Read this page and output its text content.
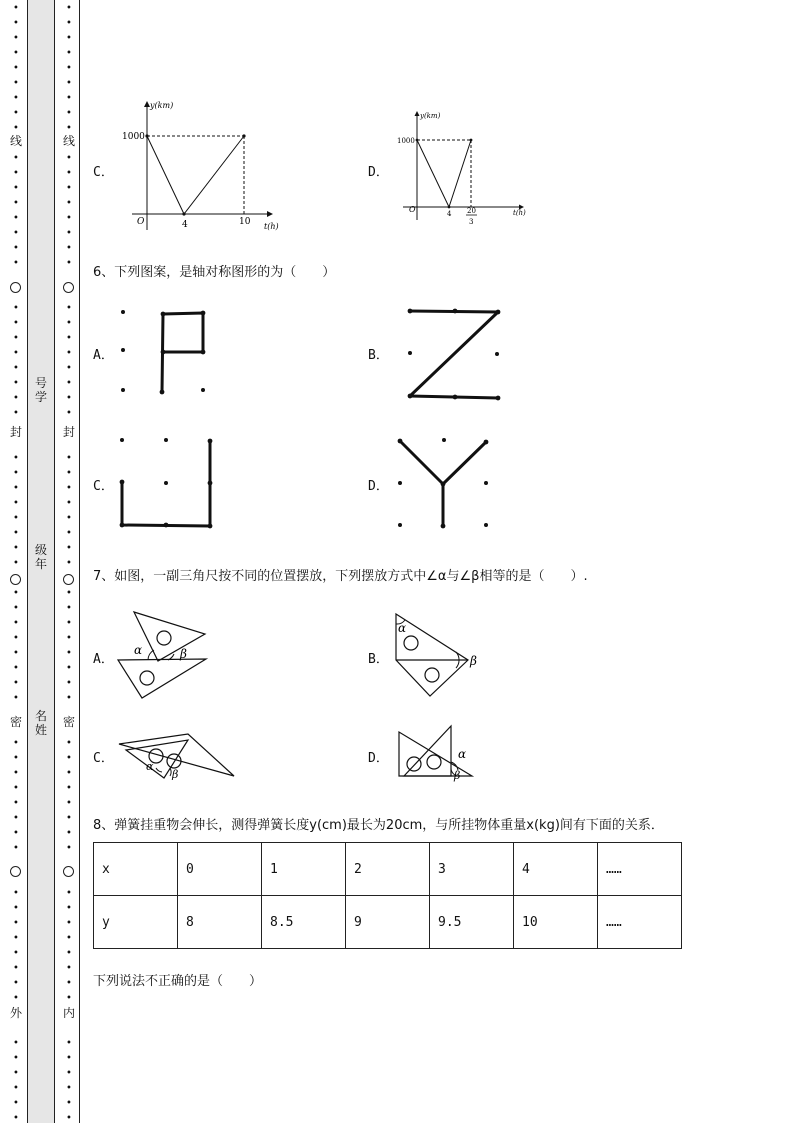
线
封
密
外
•
•
•
•
•
•
•
•
•
•
•
•
•
•
•
•
•
•
•
•
•
•
•
•
•
•
•
•
•
•
•
•
•
•
•
•
•
•
•
•
•
•
•
•
•
•
•
•
•
•
•
•
•
•
•
•
•
•
•
•
•
•
•
号
学
级
年
名
姓
线
封
密
内
•
•
•
•
•
•
•
•
•
•
•
•
•
•
•
•
•
•
•
•
•
•
•
•
•
•
•
•
•
•
•
•
•
•
•
•
•
•
•
•
•
•
•
•
•
•
•
•
•
•
•
•
•
•
•
•
•
•
•
•
•
•
•
C．
y(km)
t(h)
O
1000
4	10
D．
y(km)
t(h)
O
1000
4 20
3
6、下列图案，是轴对称图形的为（　　）
A．	B．
C．	D．
7、如图，一副三角尺按不同的位置摆放，下列摆放方式中∠α与∠β相等的是（　　）.
A．
α	β	B．
α
β
C．
α
β
D．	α
β
8、弹簧挂重物会伸长，测得弹簧长度y(cm)最长为20cm，与所挂物体重量x(kg)间有下面的关系．
x	0	1	2	3	4	……
y	8	8.5	9	9.5	10	……
下列说法不正确的是（　　）
